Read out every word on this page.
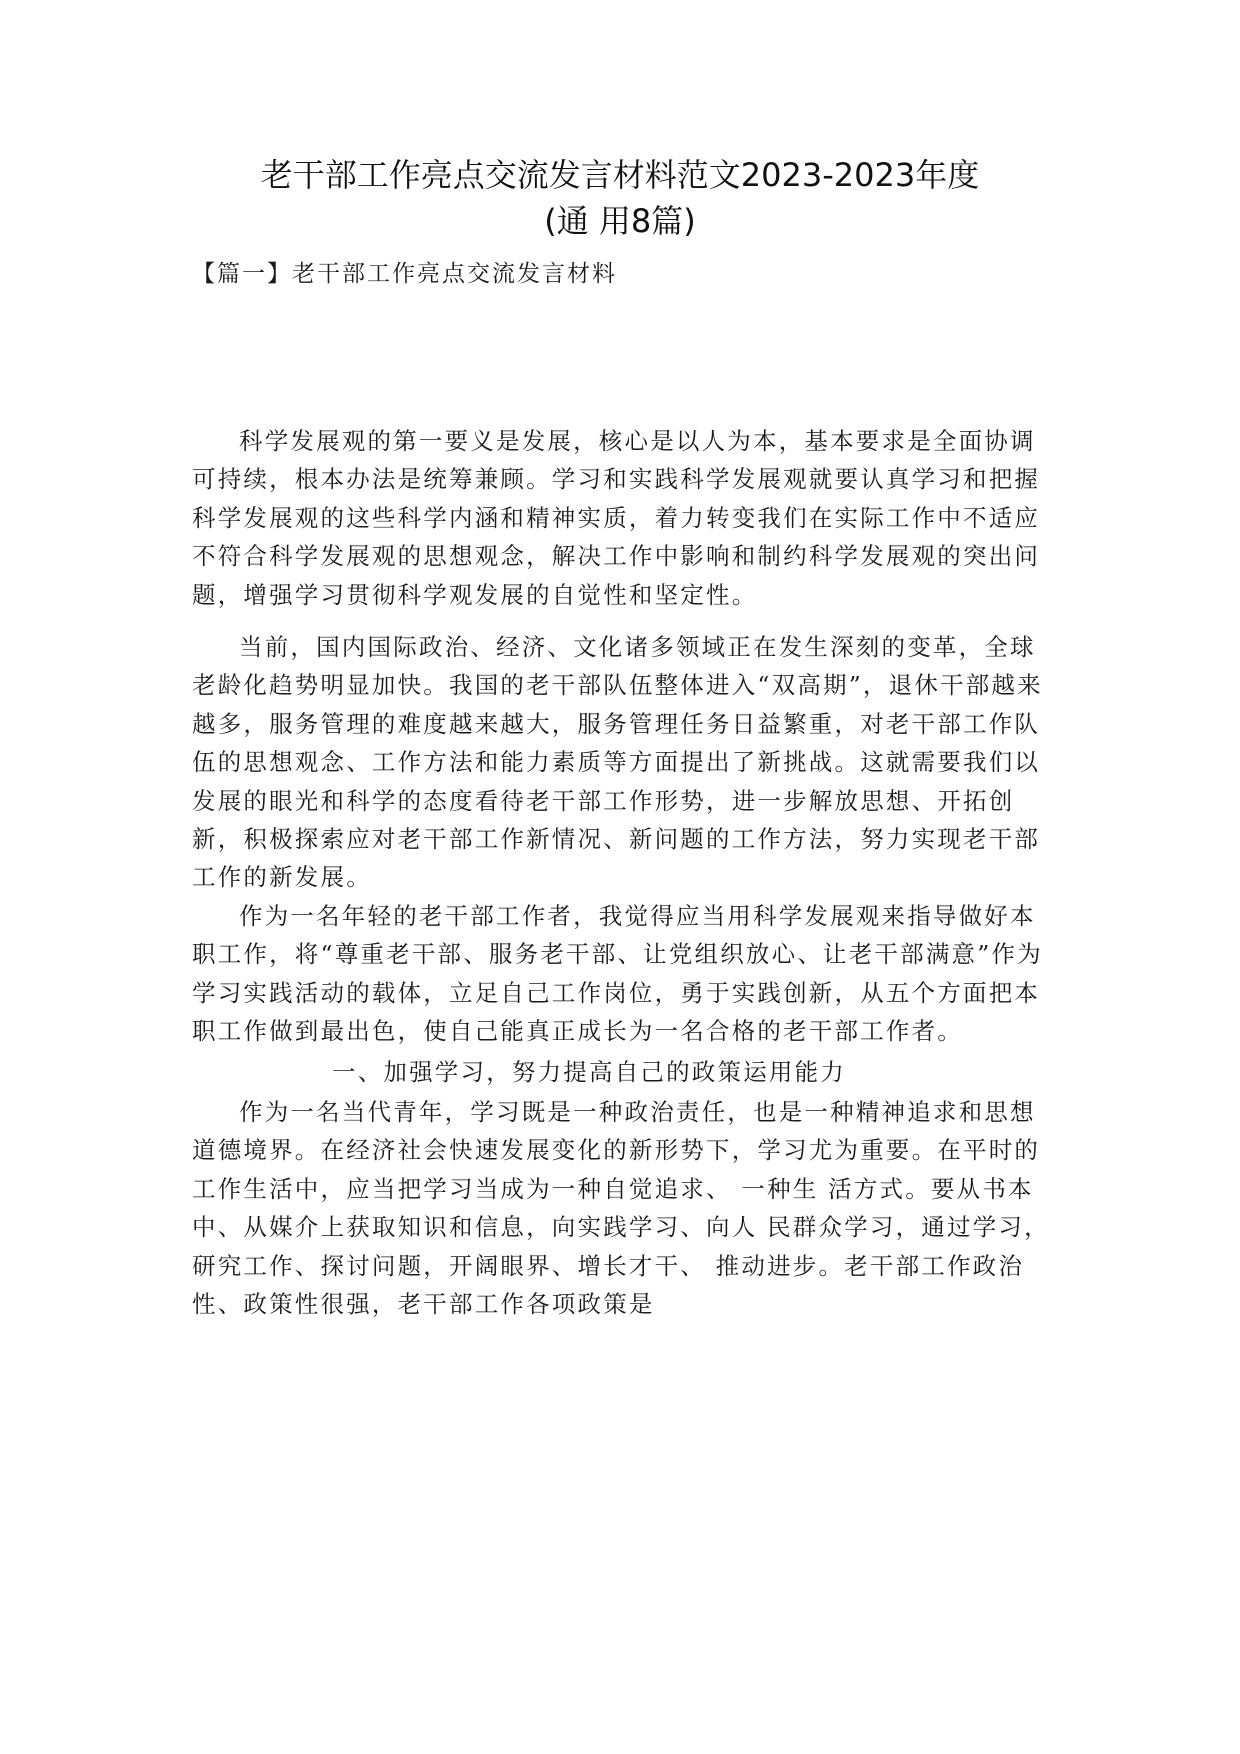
老干部工作亮点交流发言材料范文2023-2023年度
(通 用8篇)
【篇一】老干部工作亮点交流发言材料

科学发展观的第一要义是发展，核心是以人为本，基本要求是全面协调可持续，根本办法是统筹兼顾。学习和实践科学发展观就要认真学习和把握科学发展观的这些科学内涵和精神实质，着力转变我们在实际工作中不适应不符合科学发展观的思想观念，解决工作中影响和制约科学发展观的突出问题，增强学习贯彻科学观发展的自觉性和坚定性。

当前，国内国际政治、经济、文化诸多领域正在发生深刻的变革，全球老龄化趋势明显加快。我国的老干部队伍整体进入“双高期”，退休干部越来越多，服务管理的难度越来越大，服务管理任务日益繁重，对老干部工作队伍的思想观念、工作方法和能力素质等方面提出了新挑战。这就需要我们以发展的眼光和科学的态度看待老干部工作形势，进一步解放思想、开拓创新，积极探索应对老干部工作新情况、新问题的工作方法，努力实现老干部工作的新发展。

作为一名年轻的老干部工作者，我觉得应当用科学发展观来指导做好本职工作，将“尊重老干部、服务老干部、让党组织放心、让老干部满意”作为学习实践活动的载体，立足自己工作岗位，勇于实践创新，从五个方面把本职工作做到最出色，使自己能真正成长为一名合格的老干部工作者。

一、加强学习，努力提高自己的政策运用能力

作为一名当代青年，学习既是一种政治责任，也是一种精神追求和思想道德境界。在经济社会快速发展变化的新形势下，学习尤为重要。在平时的工作生活中，应当把学习当成为一种自觉追求、 一种生 活方式。要从书本中、从媒介上获取知识和信息，向实践学习、向人 民群众学习，通过学习，研究工作、探讨问题，开阔眼界、增长才干、 推动进步。老干部工作政治性、政策性很强，老干部工作各项政策是
